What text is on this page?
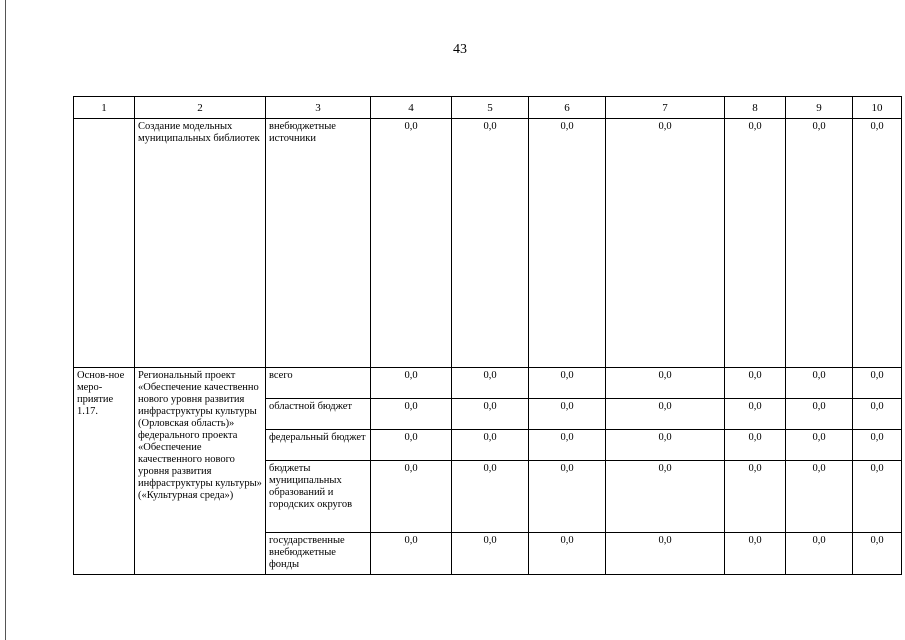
43
1	2	3	4	5	6	7	8	9	10
	Создание модельных муниципальных библиотек	внебюджетные источники	0,0	0,0	0,0	0,0	0,0	0,0	0,0
Основ-ное меро-приятие 1.17.	Региональный проект «Обеспечение качественно нового уровня развития инфраструктуры культуры (Орловская область)» федерального проекта «Обеспечение качественного нового уровня развития инфраструктуры культуры» («Культурная среда»)	всего	0,0	0,0	0,0	0,0	0,0	0,0	0,0
		областной бюджет	0,0	0,0	0,0	0,0	0,0	0,0	0,0
		федеральный бюджет	0,0	0,0	0,0	0,0	0,0	0,0	0,0
		бюджеты муниципальных образований и городских округов	0,0	0,0	0,0	0,0	0,0	0,0	0,0
		государственные внебюджетные фонды	0,0	0,0	0,0	0,0	0,0	0,0	0,0
